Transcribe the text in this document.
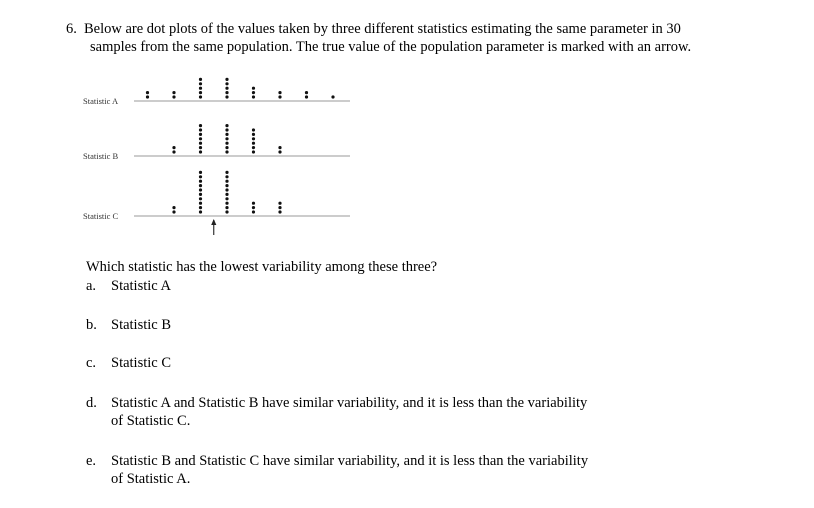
6. Below are dot plots of the values taken by three different statistics estimating the same parameter in 30
samples from the same population. The true value of the population parameter is marked with an arrow.
Statistic A
Statistic B
Statistic C
Which statistic has the lowest variability among these three?
a. Statistic A
b. Statistic B
c. Statistic C
d. Statistic A and Statistic B have similar variability, and it is less than the variability
of Statistic C.
e. Statistic B and Statistic C have similar variability, and it is less than the variability
of Statistic A.
